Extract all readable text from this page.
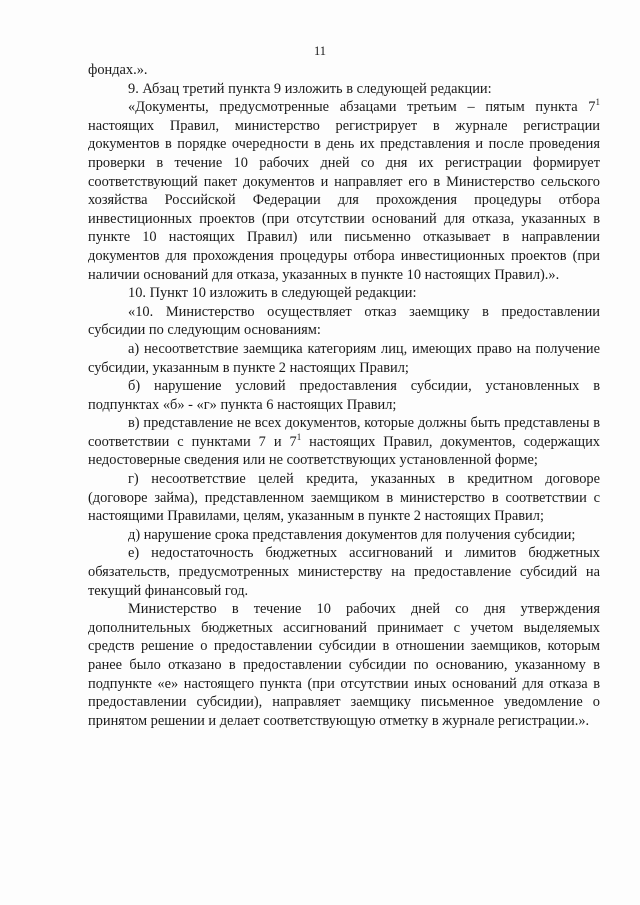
11

фондах.».

9. Абзац третий пункта 9 изложить в следующей редакции:

«Документы, предусмотренные абзацами третьим – пятым пункта $7^1$ настоящих Правил, министерство регистрирует в журнале регистрации документов в порядке очередности в день их представления и после проведения проверки в течение 10 рабочих дней со дня их регистрации формирует соответствующий пакет документов и направляет его в Министерство сельского хозяйства Российской Федерации для прохождения процедуры отбора инвестиционных проектов (при отсутствии оснований для отказа, указанных в пункте 10 настоящих Правил) или письменно отказывает в направлении документов для прохождения процедуры отбора инвестиционных проектов (при наличии оснований для отказа, указанных в пункте 10 настоящих Правил).».

10. Пункт 10 изложить в следующей редакции:

«10. Министерство осуществляет отказ заемщику в предоставлении субсидии по следующим основаниям:

а) несоответствие заемщика категориям лиц, имеющих право на получение субсидии, указанным в пункте 2 настоящих Правил;

б) нарушение условий предоставления субсидии, установленных в подпунктах «б» - «г» пункта 6 настоящих Правил;

в) представление не всех документов, которые должны быть представлены в соответствии с пунктами 7 и $7^1$ настоящих Правил, документов, содержащих недостоверные сведения или не соответствующих установленной форме;

г) несоответствие целей кредита, указанных в кредитном договоре (договоре займа), представленном заемщиком в министерство в соответствии с настоящими Правилами, целям, указанным в пункте 2 настоящих Правил;

д) нарушение срока представления документов для получения субсидии;

е) недостаточность бюджетных ассигнований и лимитов бюджетных обязательств, предусмотренных министерству на предоставление субсидий на текущий финансовый год.

Министерство в течение 10 рабочих дней со дня утверждения дополнительных бюджетных ассигнований принимает с учетом выделяемых средств решение о предоставлении субсидии в отношении заемщиков, которым ранее было отказано в предоставлении субсидии по основанию, указанному в подпункте «е» настоящего пункта (при отсутствии иных оснований для отказа в предоставлении субсидии), направляет заемщику письменное уведомление о принятом решении и делает соответствующую отметку в журнале регистрации.».
